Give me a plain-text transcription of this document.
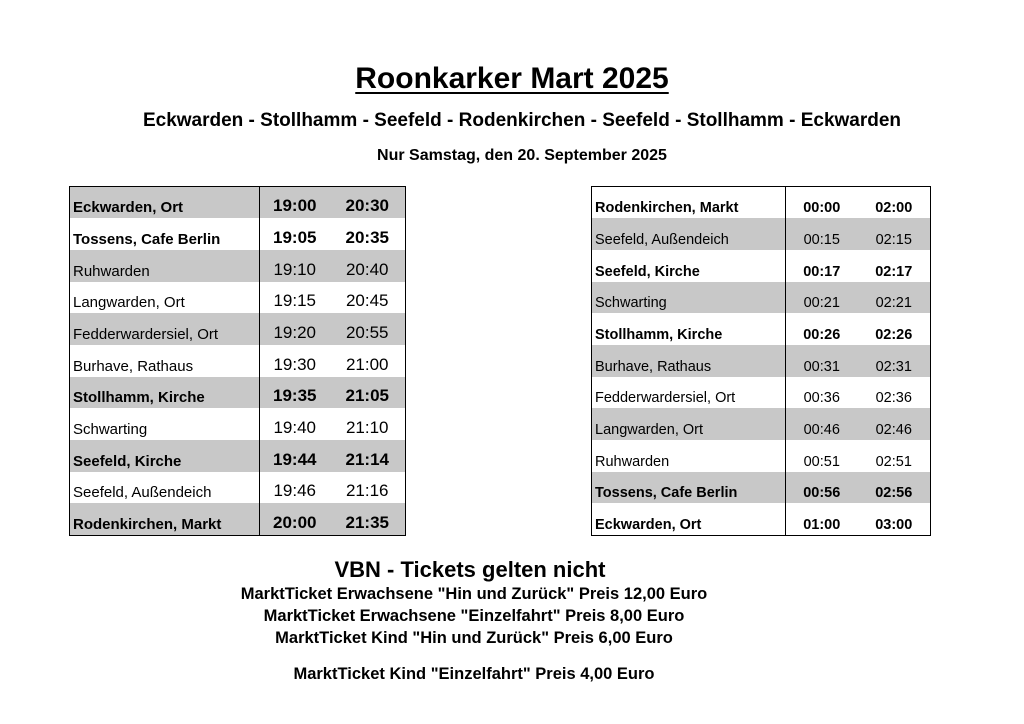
Roonkarker Mart 2025
Eckwarden - Stollhamm - Seefeld - Rodenkirchen - Seefeld - Stollhamm - Eckwarden
Nur Samstag, den 20. September 2025
Eckwarden, Ort	19:00	20:30
Tossens, Cafe Berlin	19:05	20:35
Ruhwarden	19:10	20:40
Langwarden, Ort	19:15	20:45
Fedderwardersiel, Ort	19:20	20:55
Burhave, Rathaus	19:30	21:00
Stollhamm, Kirche	19:35	21:05
Schwarting	19:40	21:10
Seefeld, Kirche	19:44	21:14
Seefeld, Außendeich	19:46	21:16
Rodenkirchen, Markt	20:00	21:35
Rodenkirchen, Markt	00:00	02:00
Seefeld, Außendeich	00:15	02:15
Seefeld, Kirche	00:17	02:17
Schwarting	00:21	02:21
Stollhamm, Kirche	00:26	02:26
Burhave, Rathaus	00:31	02:31
Fedderwardersiel, Ort	00:36	02:36
Langwarden, Ort	00:46	02:46
Ruhwarden	00:51	02:51
Tossens, Cafe Berlin	00:56	02:56
Eckwarden, Ort	01:00	03:00
VBN - Tickets gelten nicht
MarktTicket Erwachsene "Hin und Zurück" Preis 12,00 Euro
MarktTicket Erwachsene "Einzelfahrt" Preis 8,00 Euro
MarktTicket Kind "Hin und Zurück" Preis 6,00 Euro
MarktTicket Kind "Einzelfahrt" Preis 4,00 Euro
